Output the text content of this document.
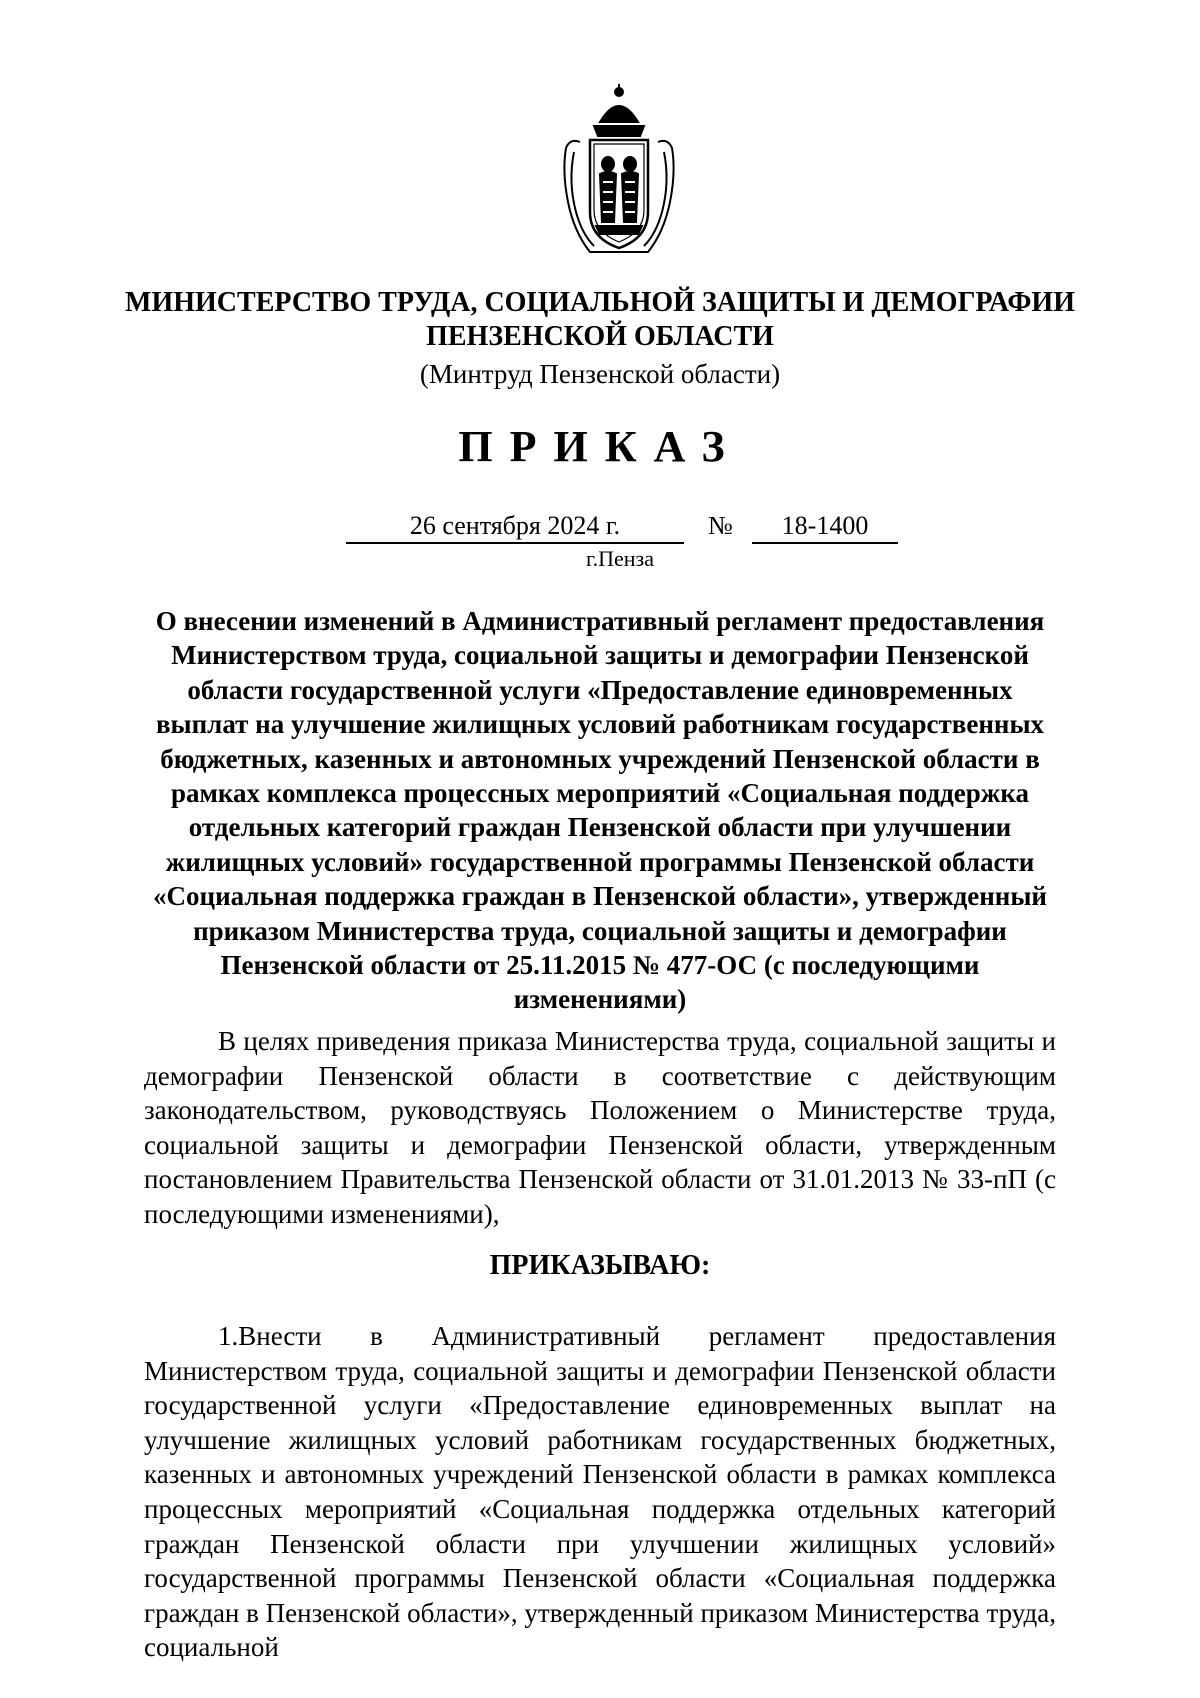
МИНИСТЕРСТВО ТРУДА, СОЦИАЛЬНОЙ ЗАЩИТЫ И ДЕМОГРАФИИ ПЕНЗЕНСКОЙ ОБЛАСТИ
(Минтруд Пензенской области)
ПРИКАЗ
26 сентября 2024 г.	№	18-1400
г.Пенза
О внесении изменений в Административный регламент предоставления Министерством труда, социальной защиты и демографии Пензенской области государственной услуги «Предоставление единовременных выплат на улучшение жилищных условий работникам государственных бюджетных, казенных и автономных учреждений Пензенской области в рамках комплекса процессных мероприятий «Социальная поддержка отдельных категорий граждан Пензенской области при улучшении жилищных условий» государственной программы Пензенской области «Социальная поддержка граждан в Пензенской области», утвержденный приказом Министерства труда, социальной защиты и демографии Пензенской области от 25.11.2015 № 477-ОС (с последующими изменениями)
В целях приведения приказа Министерства труда, социальной защиты и демографии Пензенской области в соответствие с действующим законодательством, руководствуясь Положением о Министерстве труда, социальной защиты и демографии Пензенской области, утвержденным постановлением Правительства Пензенской области от 31.01.2013 № 33-пП (с последующими изменениями),
ПРИКАЗЫВАЮ:
1.Внести в Административный регламент предоставления Министерством труда, социальной защиты и демографии Пензенской области государственной услуги «Предоставление единовременных выплат на улучшение жилищных условий работникам государственных бюджетных, казенных и автономных учреждений Пензенской области в рамках комплекса процессных мероприятий «Социальная поддержка отдельных категорий граждан Пензенской области при улучшении жилищных условий» государственной программы Пензенской области «Социальная поддержка граждан в Пензенской области», утвержденный приказом Министерства труда, социальной
